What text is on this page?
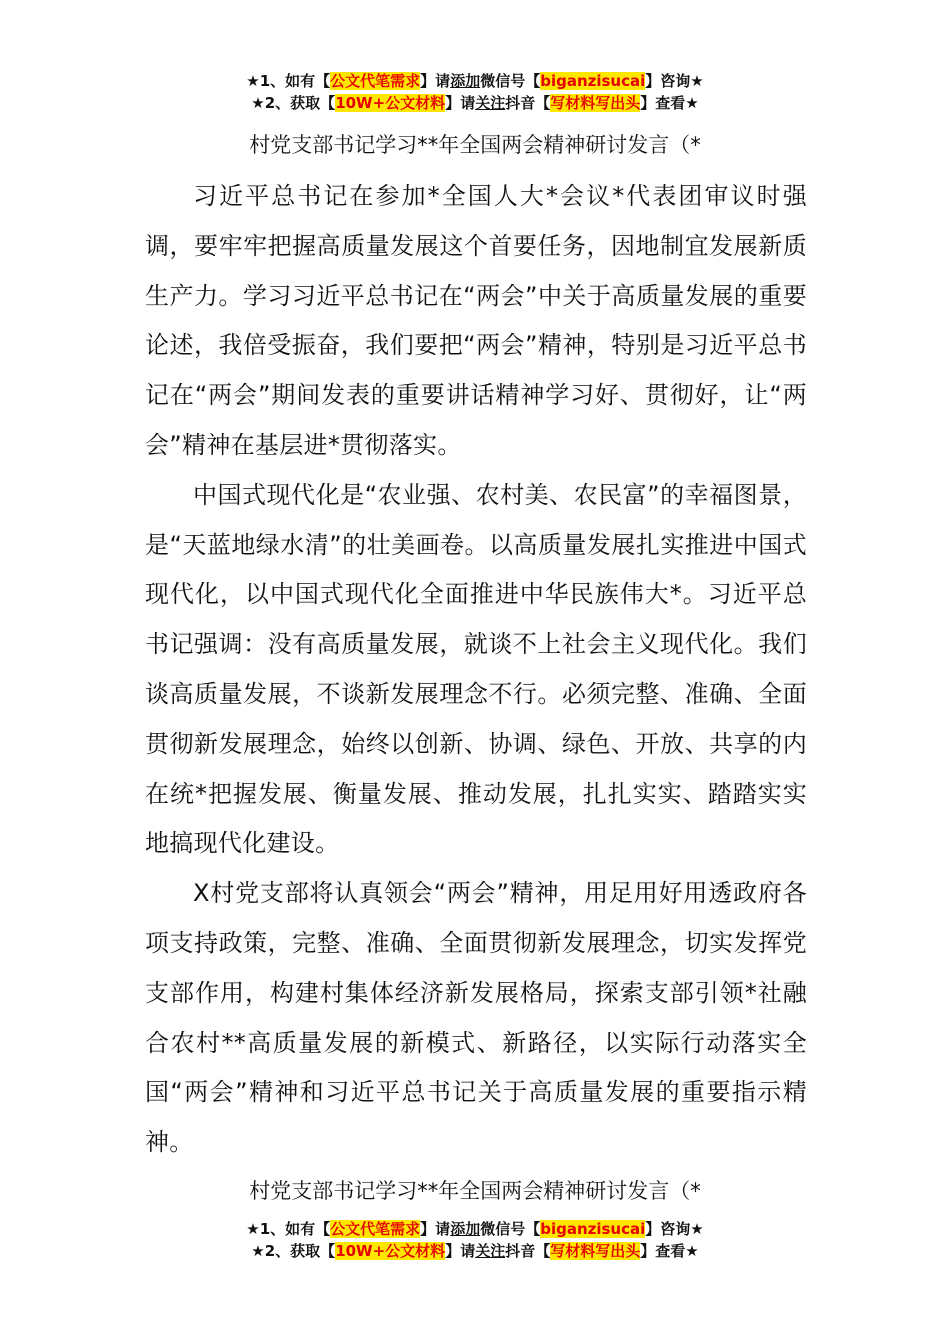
★1、如有【公文代笔需求】请添加微信号【biganzisucai】咨询★
★2、获取【10W+公文材料】请关注抖音【写材料写出头】查看★
村党支部书记学习**年全国两会精神研讨发言（*

习近平总书记在参加*全国人大*会议*代表团审议时强调，要牢牢把握高质量发展这个首要任务，因地制宜发展新质生产力。学习习近平总书记在“两会”中关于高质量发展的重要论述，我倍受振奋，我们要把“两会”精神，特别是习近平总书记在“两会”期间发表的重要讲话精神学习好、贯彻好，让“两会”精神在基层进*贯彻落实。

中国式现代化是“农业强、农村美、农民富”的幸福图景，是“天蓝地绿水清”的壮美画卷。以高质量发展扎实推进中国式现代化，以中国式现代化全面推进中华民族伟大*。习近平总书记强调：没有高质量发展，就谈不上社会主义现代化。我们谈高质量发展，不谈新发展理念不行。必须完整、准确、全面贯彻新发展理念，始终以创新、协调、绿色、开放、共享的内在统*把握发展、衡量发展、推动发展，扎扎实实、踏踏实实地搞现代化建设。

X村党支部将认真领会“两会”精神，用足用好用透政府各项支持政策，完整、准确、全面贯彻新发展理念，切实发挥党支部作用，构建村集体经济新发展格局，探索支部引领*社融合农村**高质量发展的新模式、新路径，以实际行动落实全国“两会”精神和习近平总书记关于高质量发展的重要指示精神。

村党支部书记学习**年全国两会精神研讨发言（*
★1、如有【公文代笔需求】请添加微信号【biganzisucai】咨询★
★2、获取【10W+公文材料】请关注抖音【写材料写出头】查看★
